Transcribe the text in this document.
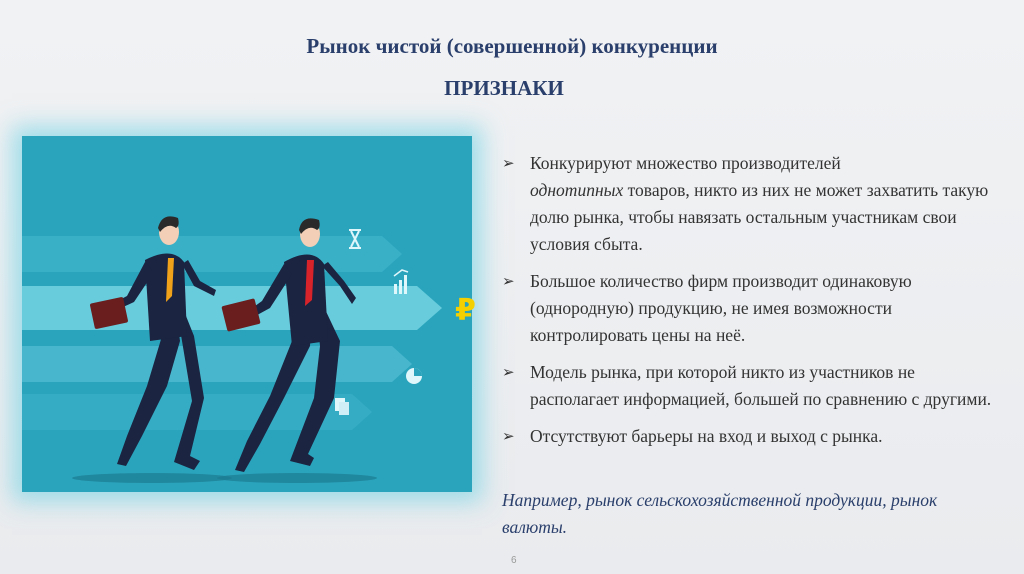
Рынок чистой (совершенной) конкуренции
ПРИЗНАКИ
₽
➢ Конкурируют множество производителей
однотипных товаров, никто из них не может захватить такую долю рынка, чтобы навязать остальным участникам свои условия сбыта.
➢ Большое количество фирм производит одинаковую (однородную) продукцию, не имея возможности контролировать цены на неё.
➢ Модель рынка, при которой никто из участников не располагает информацией, большей по сравнению с другими.
➢ Отсутствуют барьеры на вход и выход с рынка.
Например, рынок сельскохозяйственной продукции, рынок валюты.
6
